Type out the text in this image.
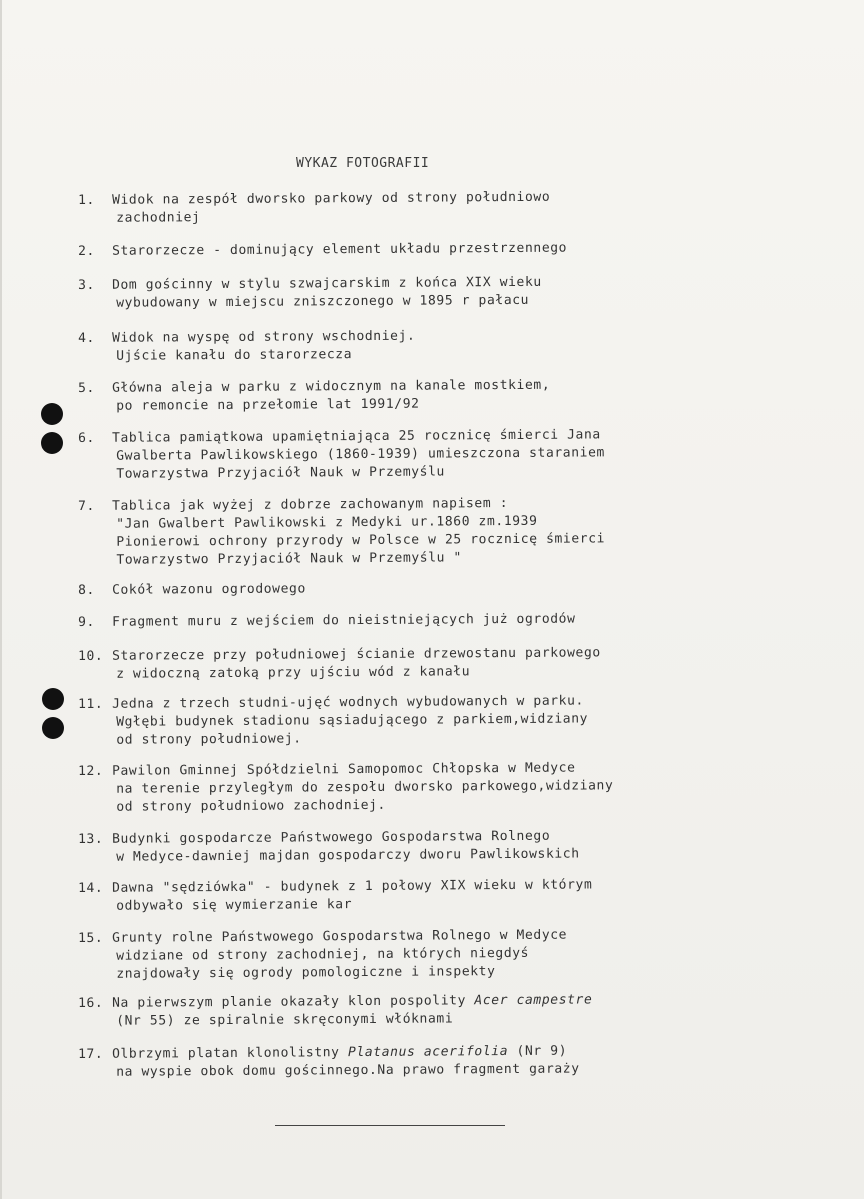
WYKAZ FOTOGRAFII
1. Widok na zespół dworsko parkowy od strony południowo
zachodniej
2. Starorzecze - dominujący element układu przestrzennego
3. Dom gościnny w stylu szwajcarskim z końca XIX wieku
wybudowany w miejscu zniszczonego w 1895 r pałacu
4. Widok na wyspę od strony wschodniej.
Ujście kanału do starorzecza
5. Główna aleja w parku z widocznym na kanale mostkiem,
po remoncie na przełomie lat 1991/92
6. Tablica pamiątkowa upamiętniająca 25 rocznicę śmierci Jana
Gwalberta Pawlikowskiego (1860-1939) umieszczona staraniem
Towarzystwa Przyjaciół Nauk w Przemyślu
7. Tablica jak wyżej z dobrze zachowanym napisem :
"Jan Gwalbert Pawlikowski z Medyki ur.1860 zm.1939
Pionierowi ochrony przyrody w Polsce w 25 rocznicę śmierci
Towarzystwo Przyjaciół Nauk w Przemyślu "
8. Cokół wazonu ogrodowego
9. Fragment muru z wejściem do nieistniejących już ogrodów
10. Starorzecze przy południowej ścianie drzewostanu parkowego
z widoczną zatoką przy ujściu wód z kanału
11. Jedna z trzech studni-ujęć wodnych wybudowanych w parku.
Wgłębi budynek stadionu sąsiadującego z parkiem,widziany
od strony południowej.
12. Pawilon Gminnej Spółdzielni Samopomoc Chłopska w Medyce
na terenie przyległym do zespołu dworsko parkowego,widziany
od strony południowo zachodniej.
13. Budynki gospodarcze Państwowego Gospodarstwa Rolnego
w Medyce-dawniej majdan gospodarczy dworu Pawlikowskich
14. Dawna "sędziówka" - budynek z 1 połowy XIX wieku w którym
odbywało się wymierzanie kar
15. Grunty rolne Państwowego Gospodarstwa Rolnego w Medyce
widziane od strony zachodniej, na których niegdyś
znajdowały się ogrody pomologiczne i inspekty
16. Na pierwszym planie okazały klon pospolity Acer campestre
(Nr 55) ze spiralnie skręconymi włóknami
17. Olbrzymi platan klonolistny Platanus acerifolia (Nr 9)
na wyspie obok domu gościnnego.Na prawo fragment garaży
